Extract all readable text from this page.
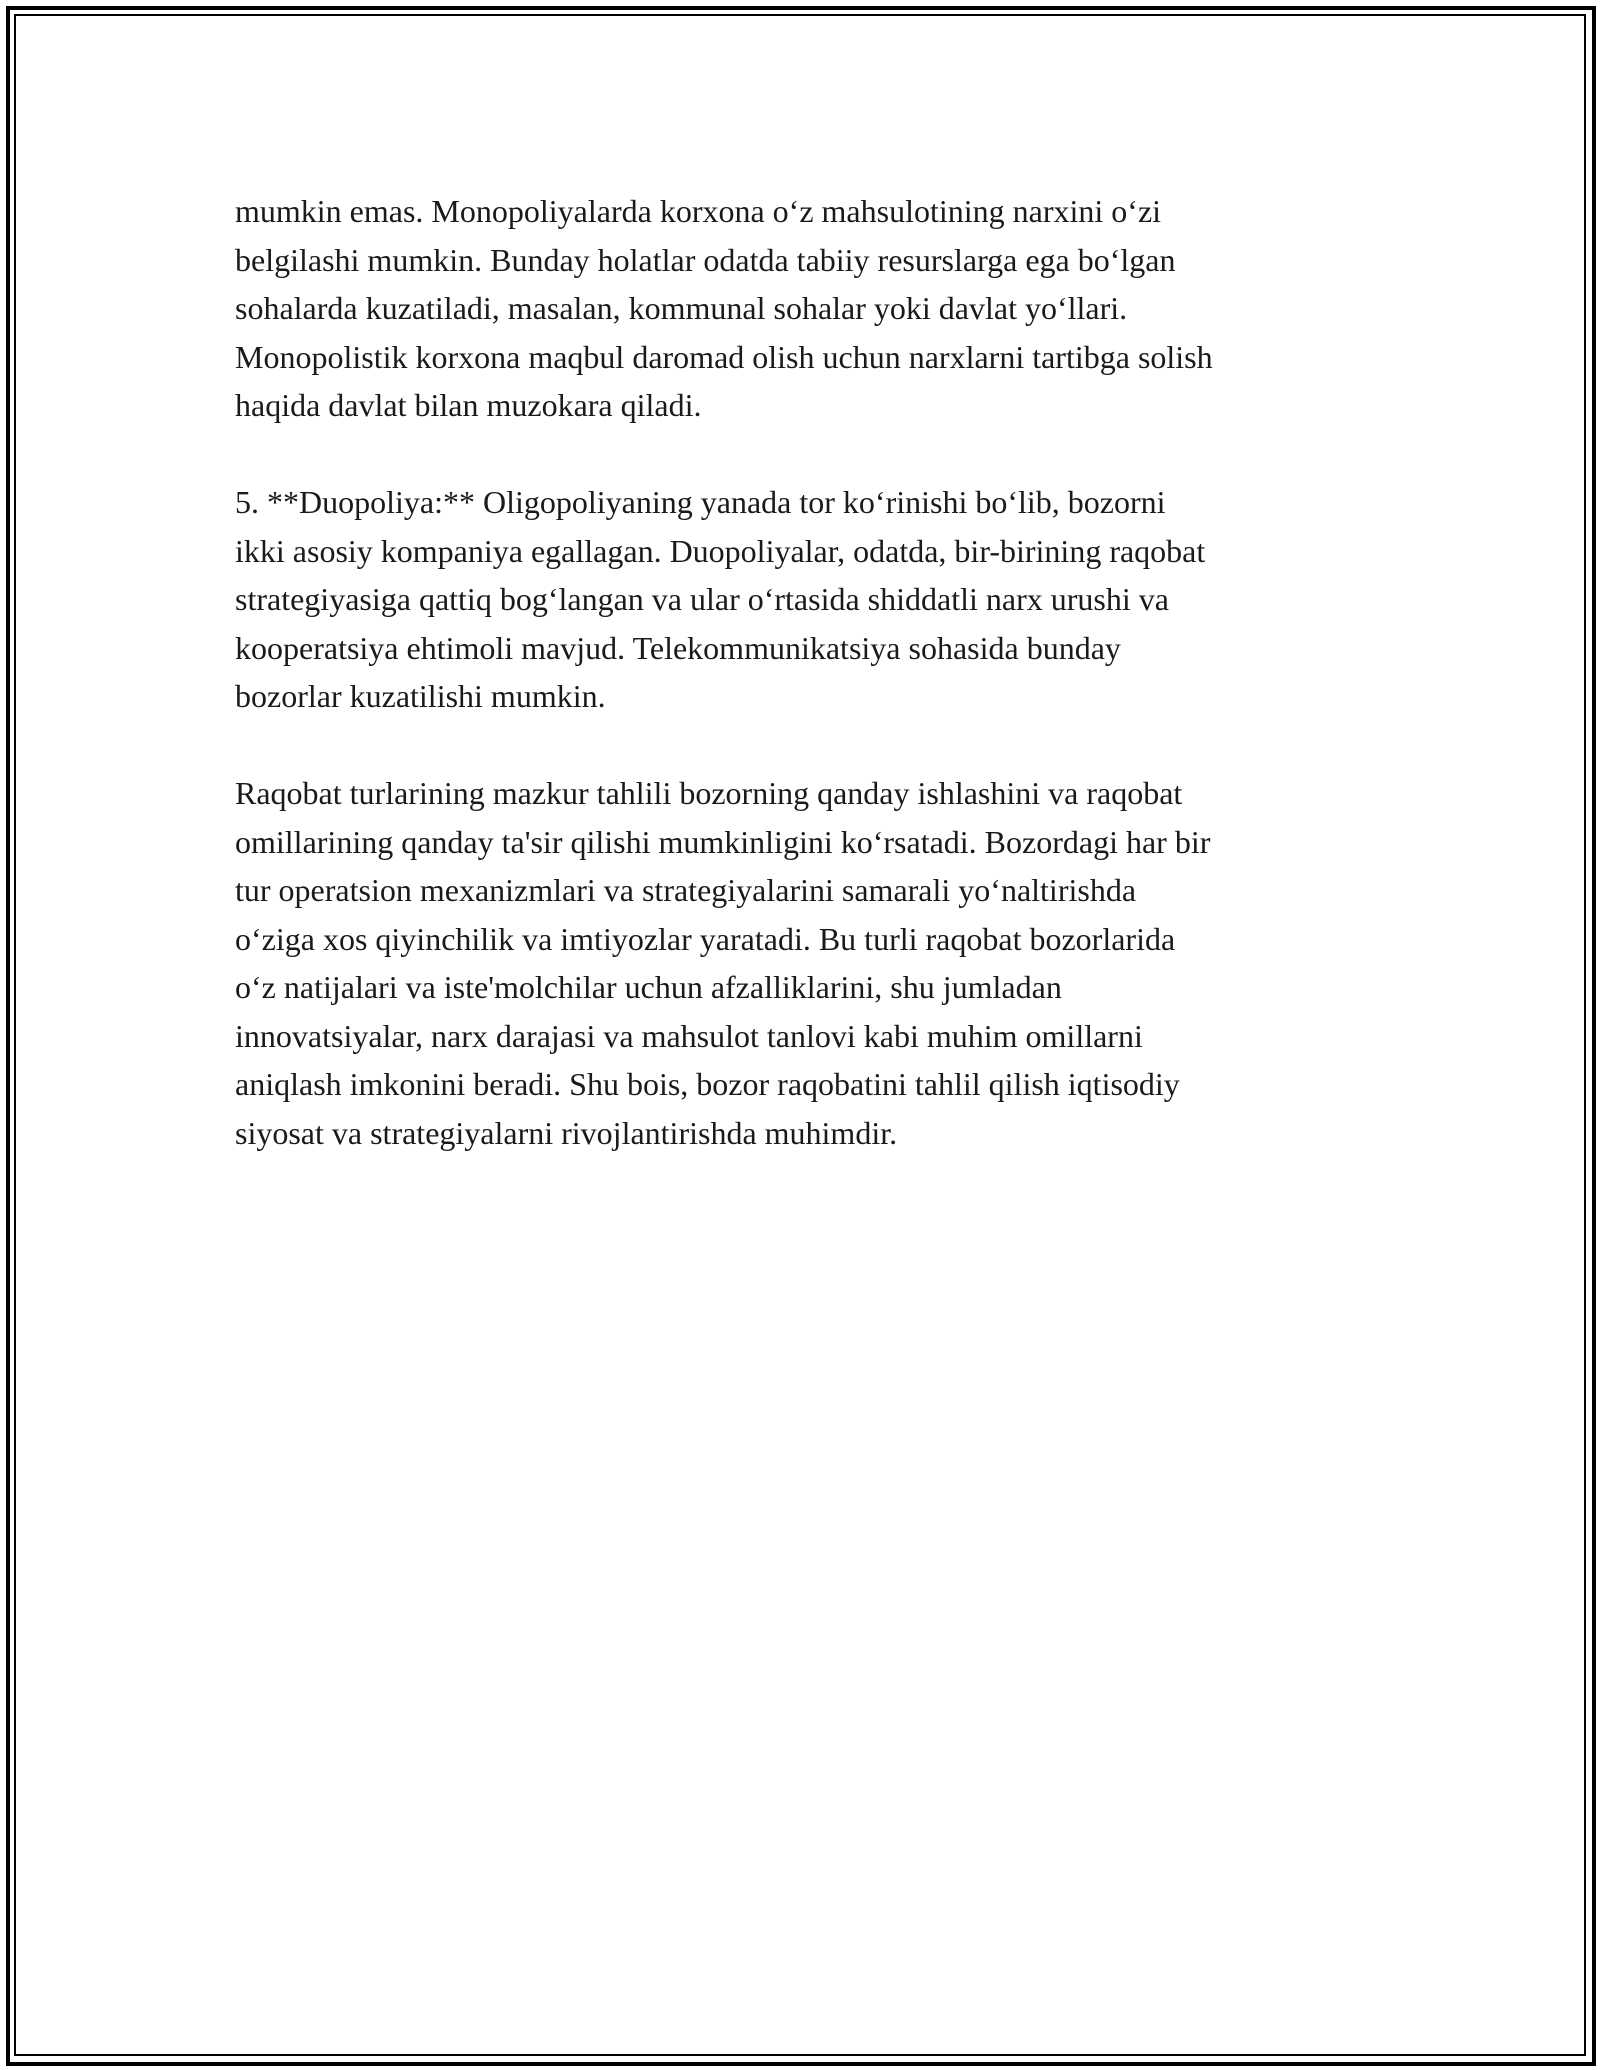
mumkin emas. Monopoliyalarda korxona o‘z mahsulotining narxini o‘zi
belgilashi mumkin. Bunday holatlar odatda tabiiy resurslarga ega bo‘lgan
sohalarda kuzatiladi, masalan, kommunal sohalar yoki davlat yo‘llari.
Monopolistik korxona maqbul daromad olish uchun narxlarni tartibga solish
haqida davlat bilan muzokara qiladi.

5. **Duopoliya:** Oligopoliyaning yanada tor ko‘rinishi bo‘lib, bozorni
ikki asosiy kompaniya egallagan. Duopoliyalar, odatda, bir-birining raqobat
strategiyasiga qattiq bog‘langan va ular o‘rtasida shiddatli narx urushi va
kooperatsiya ehtimoli mavjud. Telekommunikatsiya sohasida bunday
bozorlar kuzatilishi mumkin.

Raqobat turlarining mazkur tahlili bozorning qanday ishlashini va raqobat
omillarining qanday ta'sir qilishi mumkinligini ko‘rsatadi. Bozordagi har bir
tur operatsion mexanizmlari va strategiyalarini samarali yo‘naltirishda
o‘ziga xos qiyinchilik va imtiyozlar yaratadi. Bu turli raqobat bozorlarida
o‘z natijalari va iste'molchilar uchun afzalliklarini, shu jumladan
innovatsiyalar, narx darajasi va mahsulot tanlovi kabi muhim omillarni
aniqlash imkonini beradi. Shu bois, bozor raqobatini tahlil qilish iqtisodiy
siyosat va strategiyalarni rivojlantirishda muhimdir.
